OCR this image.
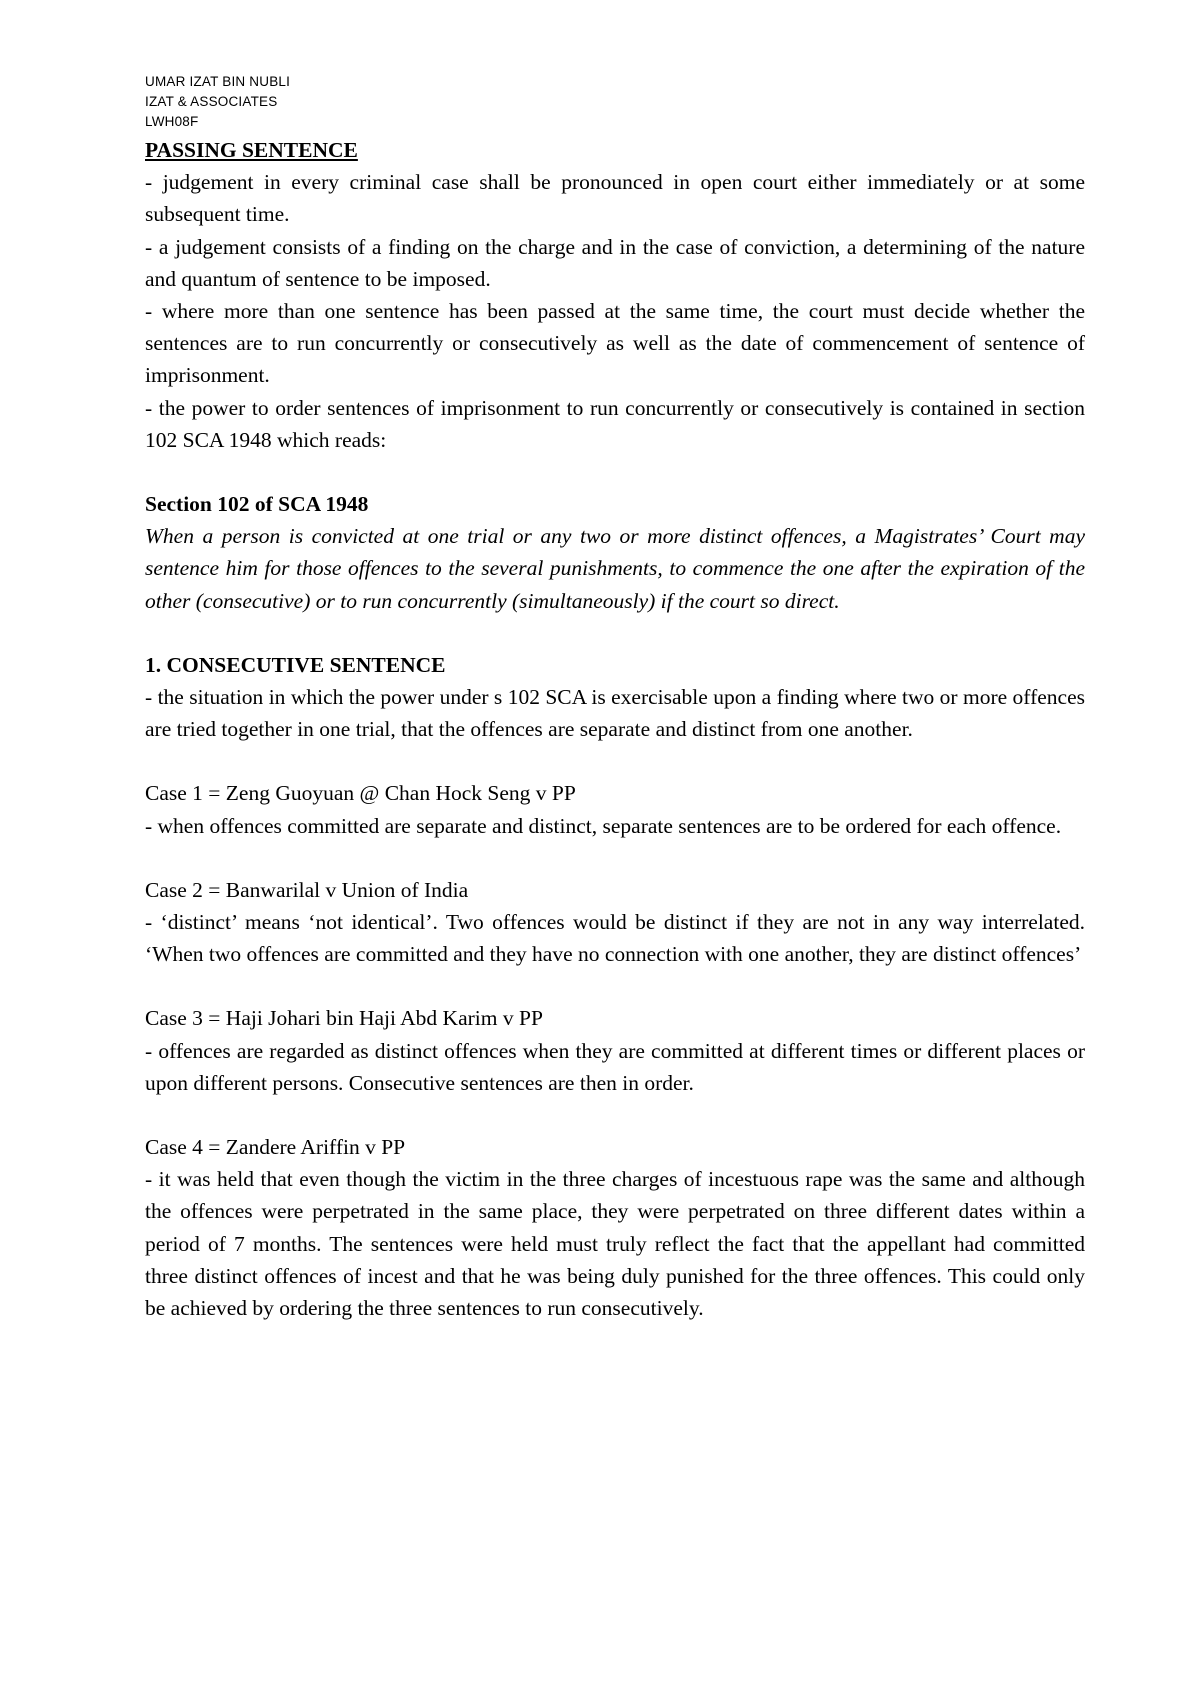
UMAR IZAT BIN NUBLI
IZAT & ASSOCIATES
LWH08F

PASSING SENTENCE

- judgement in every criminal case shall be pronounced in open court either immediately or at some subsequent time.

- a judgement consists of a finding on the charge and in the case of conviction, a determining of the nature and quantum of sentence to be imposed.

- where more than one sentence has been passed at the same time, the court must decide whether the sentences are to run concurrently or consecutively as well as the date of commencement of sentence of imprisonment.

- the power to order sentences of imprisonment to run concurrently or consecutively is contained in section 102 SCA 1948 which reads:

Section 102 of SCA 1948

When a person is convicted at one trial or any two or more distinct offences, a Magistrates’ Court may sentence him for those offences to the several punishments, to commence the one after the expiration of the other (consecutive) or to run concurrently (simultaneously) if the court so direct.

1. CONSECUTIVE SENTENCE

- the situation in which the power under s 102 SCA is exercisable upon a finding where two or more offences are tried together in one trial, that the offences are separate and distinct from one another.

Case 1 = Zeng Guoyuan @ Chan Hock Seng v PP

- when offences committed are separate and distinct, separate sentences are to be ordered for each offence.

Case 2 = Banwarilal v Union of India

- ‘distinct’ means ‘not identical’. Two offences would be distinct if they are not in any way interrelated. ‘When two offences are committed and they have no connection with one another, they are distinct offences’

Case 3 = Haji Johari bin Haji Abd Karim v PP

- offences are regarded as distinct offences when they are committed at different times or different places or upon different persons. Consecutive sentences are then in order.

Case 4 = Zandere Ariffin v PP

- it was held that even though the victim in the three charges of incestuous rape was the same and although the offences were perpetrated in the same place, they were perpetrated on three different dates within a period of 7 months. The sentences were held must truly reflect the fact that the appellant had committed three distinct offences of incest and that he was being duly punished for the three offences. This could only be achieved by ordering the three sentences to run consecutively.
